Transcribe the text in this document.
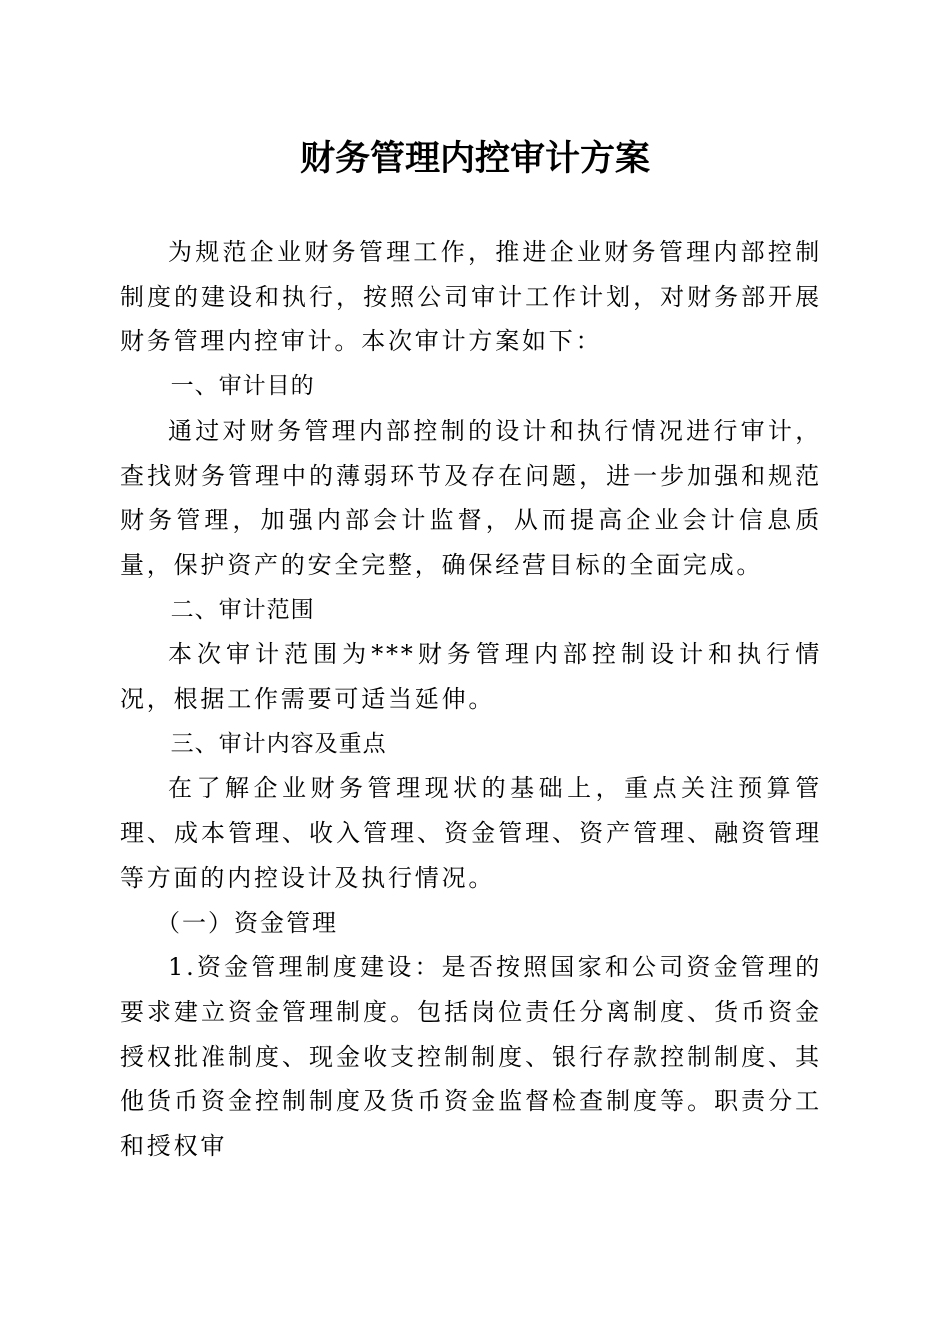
财务管理内控审计方案

为规范企业财务管理工作，推进企业财务管理内部控制制度的建设和执行，按照公司审计工作计划，对财务部开展财务管理内控审计。本次审计方案如下：

一、审计目的

通过对财务管理内部控制的设计和执行情况进行审计，查找财务管理中的薄弱环节及存在问题，进一步加强和规范财务管理，加强内部会计监督，从而提高企业会计信息质量，保护资产的安全完整，确保经营目标的全面完成。

二、审计范围

本次审计范围为***财务管理内部控制设计和执行情况，根据工作需要可适当延伸。

三、审计内容及重点

在了解企业财务管理现状的基础上，重点关注预算管理、成本管理、收入管理、资金管理、资产管理、融资管理等方面的内控设计及执行情况。

（一）资金管理

1.资金管理制度建设：是否按照国家和公司资金管理的要求建立资金管理制度。包括岗位责任分离制度、货币资金授权批准制度、现金收支控制制度、银行存款控制制度、其他货币资金控制制度及货币资金监督检查制度等。职责分工和授权审
